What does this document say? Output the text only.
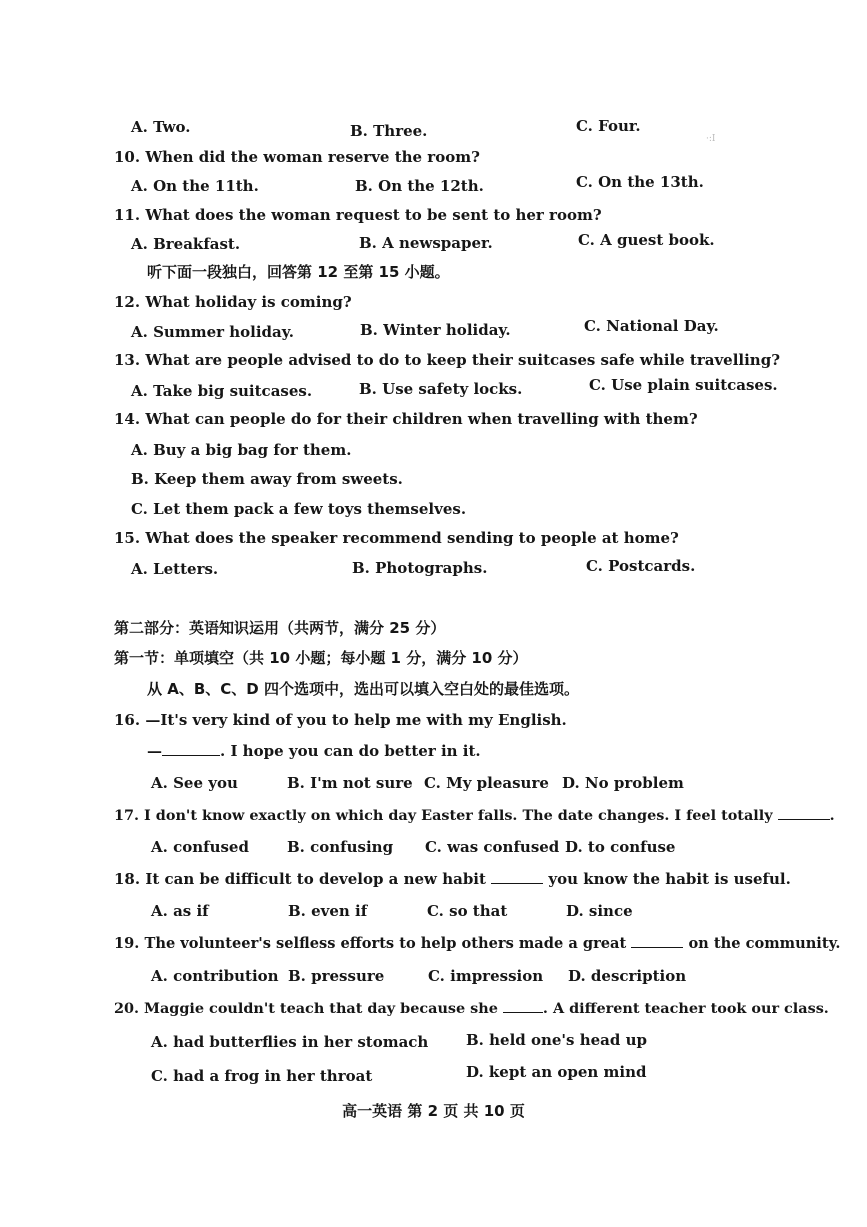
A. Two.	B. Three.	C. Four.
·:I
10. When did the woman reserve the room?
A. On the 11th.	B. On the 12th.	C. On the 13th.
11. What does the woman request to be sent to her room?
A. Breakfast.	B. A newspaper.	C. A guest book.
听下面一段独白，回答第 12 至第 15 小题。
12. What holiday is coming?
A. Summer holiday.	B. Winter holiday.	C. National Day.
13. What are people advised to do to keep their suitcases safe while travelling?
A. Take big suitcases.	B. Use safety locks.	C. Use plain suitcases.
14. What can people do for their children when travelling with them?
A. Buy a big bag for them.
B. Keep them away from sweets.
C. Let them pack a few toys themselves.
15. What does the speaker recommend sending to people at home?
A. Letters.	B. Photographs.	C. Postcards.
第二部分：英语知识运用（共两节，满分 25 分）
第一节：单项填空（共 10 小题；每小题 1 分，满分 10 分）
从 A、B、C、D 四个选项中，选出可以填入空白处的最佳选项。
16. —It's very kind of you to help me with my English.
—	. I hope you can do better in it.
A. See you	B. I'm not sure C. My pleasure D. No problem
17. I don't know exactly on which day Easter falls. The date changes. I feel totally	.
A. confused	B. confusing C. was confused D. to confuse
18. It can be difficult to develop a new habit	you know the habit is useful.
A. as if	B. even if	C. so that	D. since
19. The volunteer's selfless efforts to help others made a great	on the community.
A. contribution B. pressure	C. impression D. description
20. Maggie couldn't teach that day because she	. A different teacher took our class.
A. had butterflies in her stomach	B. held one's head up
C. had a frog in her throat	D. kept an open mind
高一英语 第 2 页 共 10 页
